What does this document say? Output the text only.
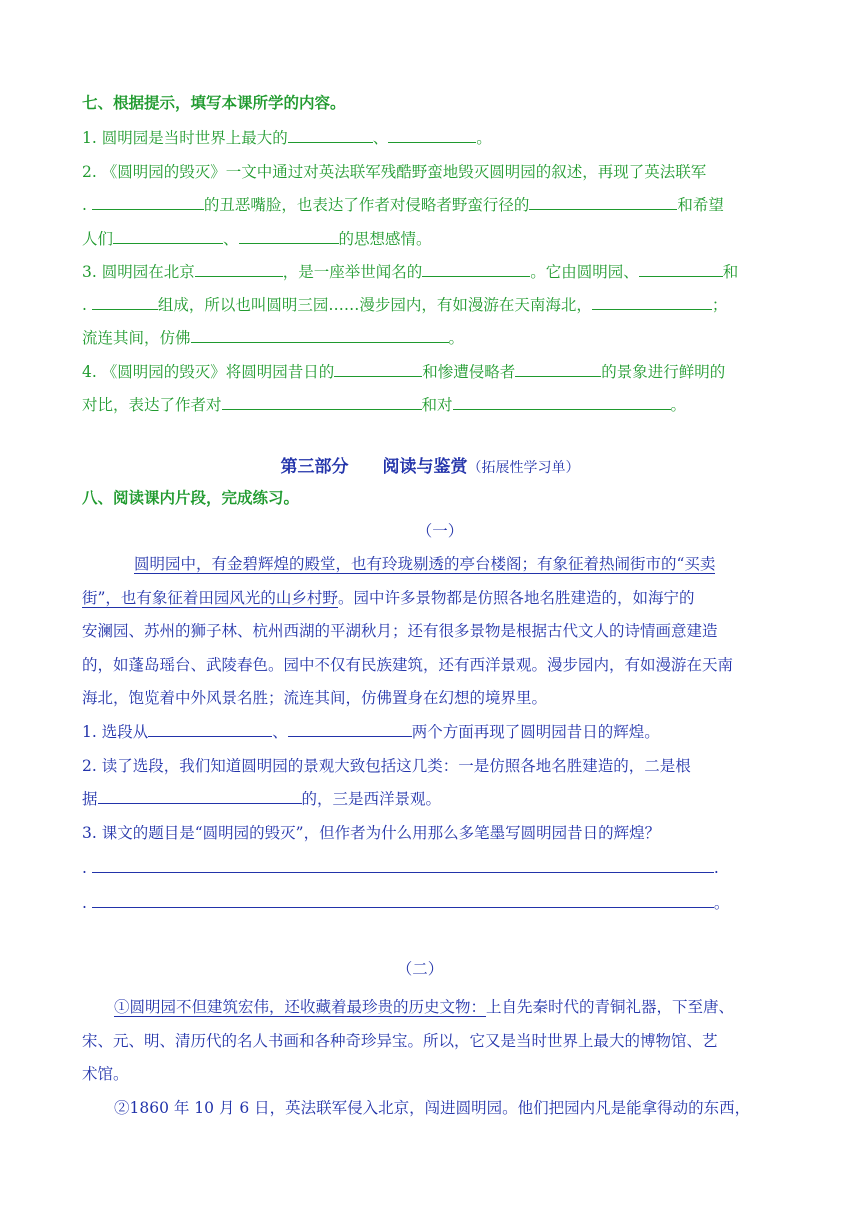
七、根据提示，填写本课所学的内容。
1. 圆明园是当时世界上最大的	、	。
2. 《圆明园的毁灭》一文中通过对英法联军残酷野蛮地毁灭圆明园的叙述，再现了英法联军
.	的丑恶嘴脸，也表达了作者对侵略者野蛮行径的	和希望
人们	、	的思想感情。
3. 圆明园在北京	，是一座举世闻名的	。它由圆明园、	和
.	组成，所以也叫圆明三园……漫步园内，有如漫游在天南海北，	；
流连其间，仿佛	。
4. 《圆明园的毁灭》将圆明园昔日的	和惨遭侵略者	的景象进行鲜明的
对比，表达了作者对	和对	。
第三部分　　阅读与鉴赏（拓展性学习单）
八、阅读课内片段，完成练习。
（一）
圆明园中，有金碧辉煌的殿堂，也有玲珑剔透的亭台楼阁；有象征着热闹街市的“买卖
街”，也有象征着田园风光的山乡村野。园中许多景物都是仿照各地名胜建造的，如海宁的
安澜园、苏州的狮子林、杭州西湖的平湖秋月；还有很多景物是根据古代文人的诗情画意建造
的，如蓬岛瑶台、武陵春色。园中不仅有民族建筑，还有西洋景观。漫步园内，有如漫游在天南
海北，饱览着中外风景名胜；流连其间，仿佛置身在幻想的境界里。
1. 选段从	、	两个方面再现了圆明园昔日的辉煌。
2. 读了选段，我们知道圆明园的景观大致包括这几类：一是仿照各地名胜建造的，二是根
据	的，三是西洋景观。
3. 课文的题目是“圆明园的毁灭”，但作者为什么用那么多笔墨写圆明园昔日的辉煌？
.	.
.	。
（二）
①圆明园不但建筑宏伟，还收藏着最珍贵的历史文物：上自先秦时代的青铜礼器，下至唐、
宋、元、明、清历代的名人书画和各种奇珍异宝。所以，它又是当时世界上最大的博物馆、艺
术馆。
②1860 年 10 月 6 日，英法联军侵入北京，闯进圆明园。他们把园内凡是能拿得动的东西，
